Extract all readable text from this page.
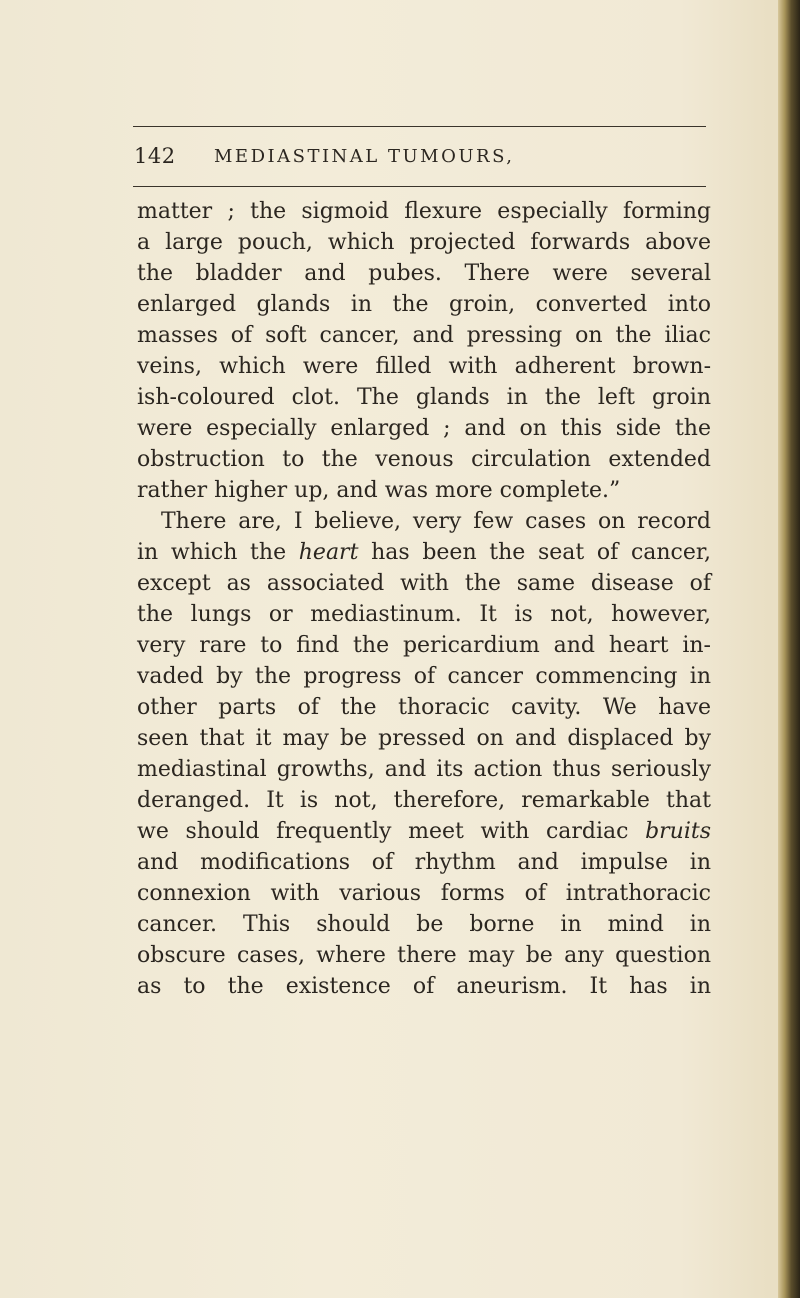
142 MEDIASTINAL TUMOURS,
matter ; the sigmoid flexure especially forming
a large pouch, which projected forwards above
the bladder and pubes. There were several
enlarged glands in the groin, converted into
masses of soft cancer, and pressing on the iliac
veins, which were filled with adherent brown-
ish-coloured clot. The glands in the left groin
were especially enlarged ; and on this side the
obstruction to the venous circulation extended
rather higher up, and was more complete.”
There are, I believe, very few cases on record
in which the heart has been the seat of cancer,
except as associated with the same disease of
the lungs or mediastinum. It is not, however,
very rare to find the pericardium and heart in-
vaded by the progress of cancer commencing in
other parts of the thoracic cavity. We have
seen that it may be pressed on and displaced by
mediastinal growths, and its action thus seriously
deranged. It is not, therefore, remarkable that
we should frequently meet with cardiac bruits
and modifications of rhythm and impulse in
connexion with various forms of intrathoracic
cancer. This should be borne in mind in
obscure cases, where there may be any question
as to the existence of aneurism. It has in
